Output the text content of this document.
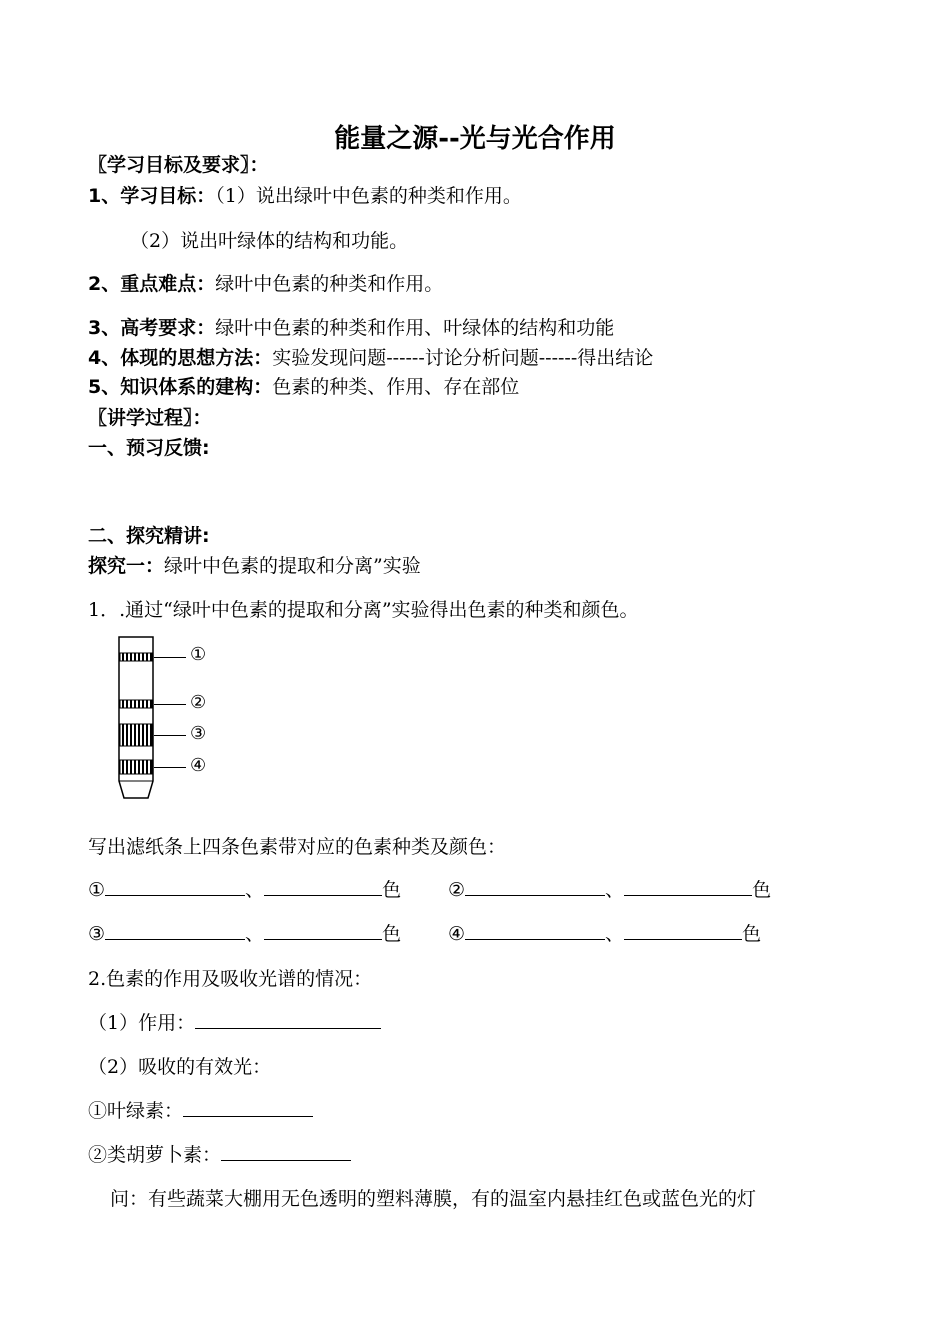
能量之源--光与光合作用
〖学习目标及要求〗：
1、学习目标：（1）说出绿叶中色素的种类和作用。
（2）说出叶绿体的结构和功能。
2、重点难点：绿叶中色素的种类和作用。
3、高考要求：绿叶中色素的种类和作用、叶绿体的结构和功能
4、体现的思想方法：实验发现问题------讨论分析问题------得出结论
5、知识体系的建构：色素的种类、作用、存在部位
〖讲学过程〗：
一、预习反馈:
二、探究精讲:
探究一：绿叶中色素的提取和分离”实验
1．.通过“绿叶中色素的提取和分离”实验得出色素的种类和颜色。
①
②
③
④
写出滤纸条上四条色素带对应的色素种类及颜色：
①	、	色 ②	、	色
③	、	色 ④	、	色
2.色素的作用及吸收光谱的情况：
（1）作用：
（2）吸收的有效光：
①叶绿素：
②类胡萝卜素：
问：有些蔬菜大棚用无色透明的塑料薄膜，有的温室内悬挂红色或蓝色光的灯
